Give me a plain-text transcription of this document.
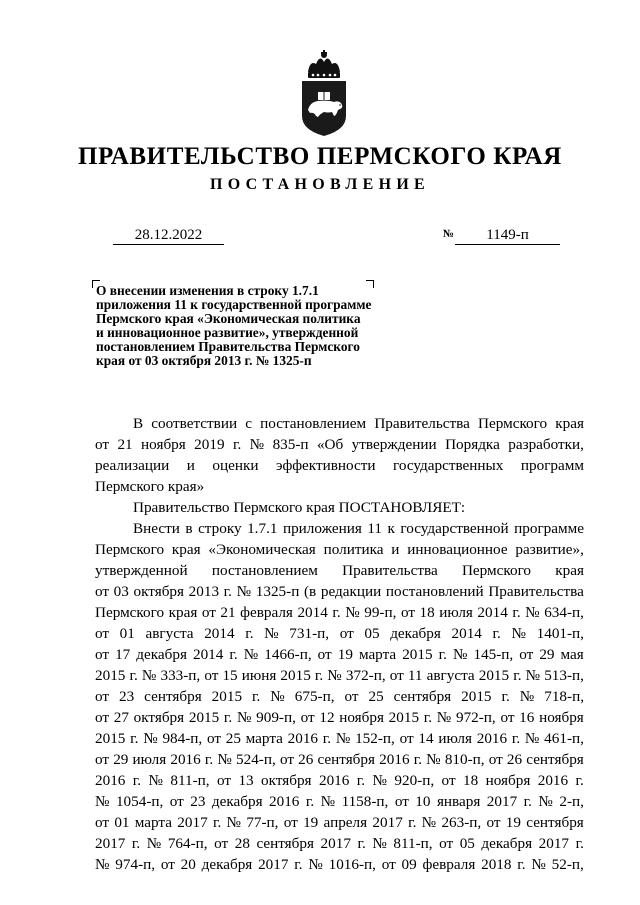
ПРАВИТЕЛЬСТВО ПЕРМСКОГО КРАЯ
ПОСТАНОВЛЕНИЕ
28.12.2022	№	1149-п
О внесении изменения в строку 1.7.1
приложения 11 к государственной программе
Пермского края «Экономическая политика
и инновационное развитие», утвержденной
постановлением Правительства Пермского
края от 03 октября 2013 г. № 1325-п
В соответствии с постановлением Правительства Пермского края
от 21 ноября 2019 г. № 835-п «Об утверждении Порядка разработки,
реализации и оценки эффективности государственных программ
Пермского края»
Правительство Пермского края ПОСТАНОВЛЯЕТ:
Внести в строку 1.7.1 приложения 11 к государственной программе
Пермского края «Экономическая политика и инновационное развитие»,
утвержденной постановлением Правительства Пермского края
от 03 октября 2013 г. № 1325-п (в редакции постановлений Правительства
Пермского края от 21 февраля 2014 г. № 99-п, от 18 июля 2014 г. № 634-п,
от 01 августа 2014 г. № 731-п, от 05 декабря 2014 г. № 1401-п,
от 17 декабря 2014 г. № 1466-п, от 19 марта 2015 г. № 145-п, от 29 мая
2015 г. № 333-п, от 15 июня 2015 г. № 372-п, от 11 августа 2015 г. № 513-п,
от 23 сентября 2015 г. № 675-п, от 25 сентября 2015 г. № 718-п,
от 27 октября 2015 г. № 909-п, от 12 ноября 2015 г. № 972-п, от 16 ноября
2015 г. № 984-п, от 25 марта 2016 г. № 152-п, от 14 июля 2016 г. № 461-п,
от 29 июля 2016 г. № 524-п, от 26 сентября 2016 г. № 810-п, от 26 сентября
2016 г. № 811-п, от 13 октября 2016 г. № 920-п, от 18 ноября 2016 г.
№ 1054-п, от 23 декабря 2016 г. № 1158-п, от 10 января 2017 г. № 2-п,
от 01 марта 2017 г. № 77-п, от 19 апреля 2017 г. № 263-п, от 19 сентября
2017 г. № 764-п, от 28 сентября 2017 г. № 811-п, от 05 декабря 2017 г.
№ 974-п, от 20 декабря 2017 г. № 1016-п, от 09 февраля 2018 г. № 52-п,
